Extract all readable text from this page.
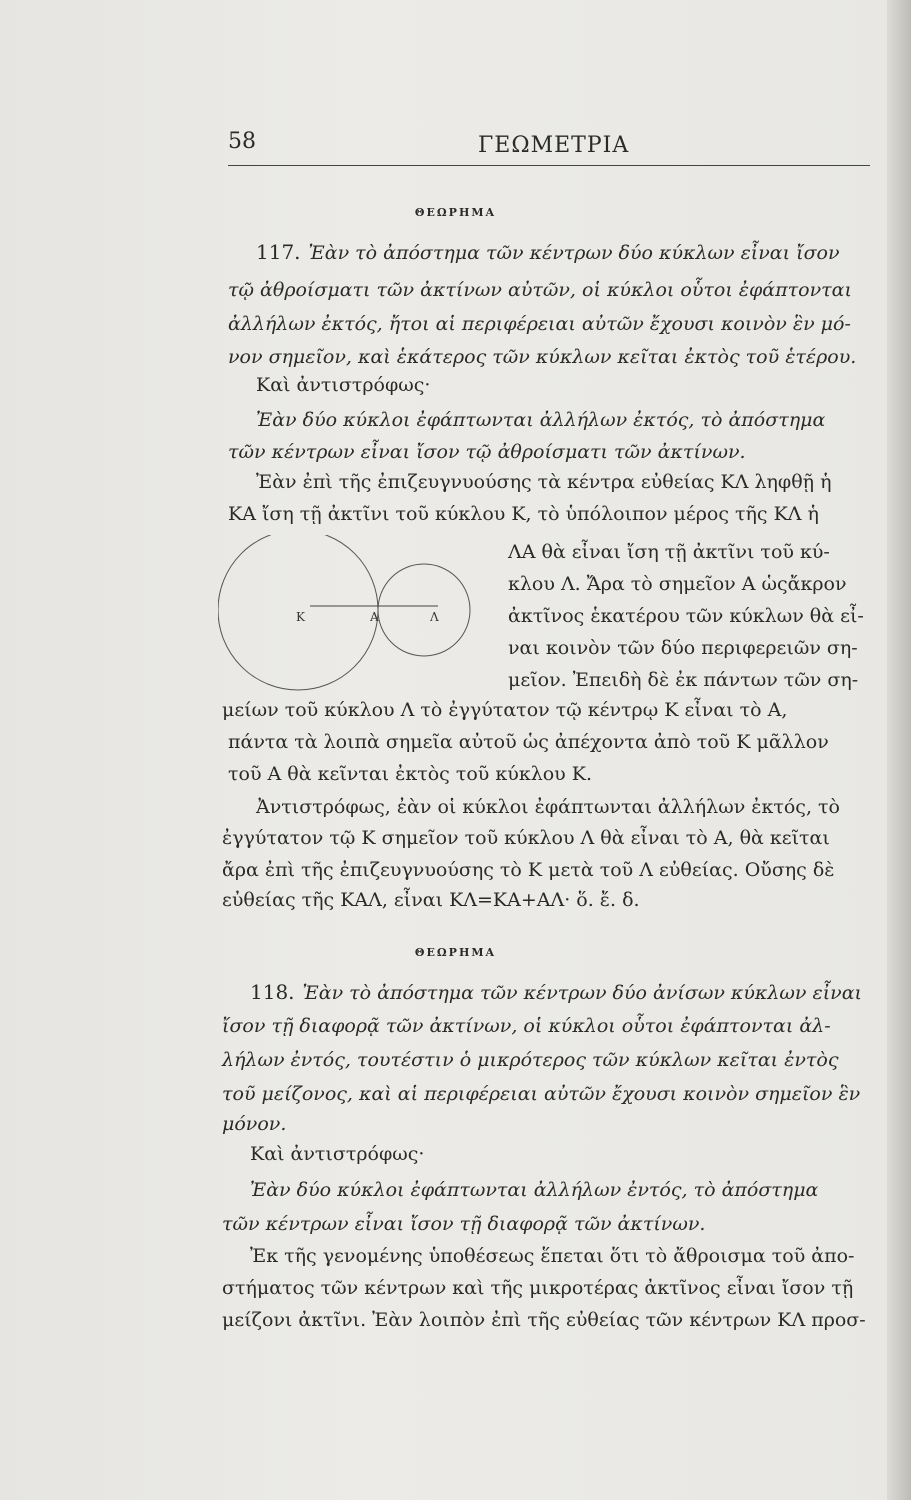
58	ΓΕΩΜΕΤΡΙΑ
ΘΕΩΡΗΜΑ
117. Ἐὰν τὸ ἀπόστημα τῶν κέντρων δύο κύκλων εἶναι ἴσον
τῷ ἀθροίσματι τῶν ἀκτίνων αὐτῶν, οἱ κύκλοι οὗτοι ἐφάπτονται
ἀλλήλων ἐκτός, ἤτοι αἱ περιφέρειαι αὐτῶν ἔχουσι κοινὸν ἓν μό-
νον σημεῖον, καὶ ἑκάτερος τῶν κύκλων κεῖται ἐκτὸς τοῦ ἑτέρου.
Καὶ ἀντιστρόφως·
Ἐὰν δύο κύκλοι ἐφάπτωνται ἀλλήλων ἐκτός, τὸ ἀπόστημα
τῶν κέντρων εἶναι ἴσον τῷ ἀθροίσματι τῶν ἀκτίνων.
Ἐὰν ἐπὶ τῆς ἐπιζευγνυούσης τὰ κέντρα εὐθείας ΚΛ ληφθῇ ἡ
ΚΑ ἴση τῇ ἀκτῖνι τοῦ κύκλου Κ, τὸ ὑπόλοιπον μέρος τῆς ΚΛ ἡ
ΛΑ θὰ εἶναι ἴση τῇ ἀκτῖνι τοῦ κύ-
κλου Λ. Ἄρα τὸ σημεῖον Α ὡςἄκρον
ἀκτῖνος ἑκατέρου τῶν κύκλων θὰ εἶ-
ναι κοινὸν τῶν δύο περιφερειῶν ση-
μεῖον. Ἐπειδὴ δὲ ἐκ πάντων τῶν ση-
μείων τοῦ κύκλου Λ τὸ ἐγγύτατον τῷ κέντρῳ Κ εἶναι τὸ Α,
πάντα τὰ λοιπὰ σημεῖα αὐτοῦ ὡς ἀπέχοντα ἀπὸ τοῦ Κ μᾶλλον
τοῦ Α θὰ κεῖνται ἐκτὸς τοῦ κύκλου Κ.
Ἀντιστρόφως, ἐὰν οἱ κύκλοι ἐφάπτωνται ἀλλήλων ἐκτός, τὸ
ἐγγύτατον τῷ Κ σημεῖον τοῦ κύκλου Λ θὰ εἶναι τὸ Α, θὰ κεῖται
ἄρα ἐπὶ τῆς ἐπιζευγνυούσης τὸ Κ μετὰ τοῦ Λ εὐθείας. Οὔσης δὲ
εὐθείας τῆς ΚΑΛ, εἶναι ΚΛ=ΚΑ+ΑΛ· ὅ. ἔ. δ.
Κ	Α	Λ
ΘΕΩΡΗΜΑ
118. Ἐὰν τὸ ἀπόστημα τῶν κέντρων δύο ἀνίσων κύκλων εἶναι
ἴσον τῇ διαφορᾷ τῶν ἀκτίνων, οἱ κύκλοι οὗτοι ἐφάπτονται ἀλ-
λήλων ἐντός, τουτέστιν ὁ μικρότερος τῶν κύκλων κεῖται ἐντὸς
τοῦ μείζονος, καὶ αἱ περιφέρειαι αὐτῶν ἔχουσι κοινὸν σημεῖον ἓν
μόνον.
Καὶ ἀντιστρόφως·
Ἐὰν δύο κύκλοι ἐφάπτωνται ἀλλήλων ἐντός, τὸ ἀπόστημα
τῶν κέντρων εἶναι ἴσον τῇ διαφορᾷ τῶν ἀκτίνων.
Ἐκ τῆς γενομένης ὑποθέσεως ἕπεται ὅτι τὸ ἄθροισμα τοῦ ἀπο-
στήματος τῶν κέντρων καὶ τῆς μικροτέρας ἀκτῖνος εἶναι ἴσον τῇ
μείζονι ἀκτῖνι. Ἐὰν λοιπὸν ἐπὶ τῆς εὐθείας τῶν κέντρων ΚΛ προσ-
